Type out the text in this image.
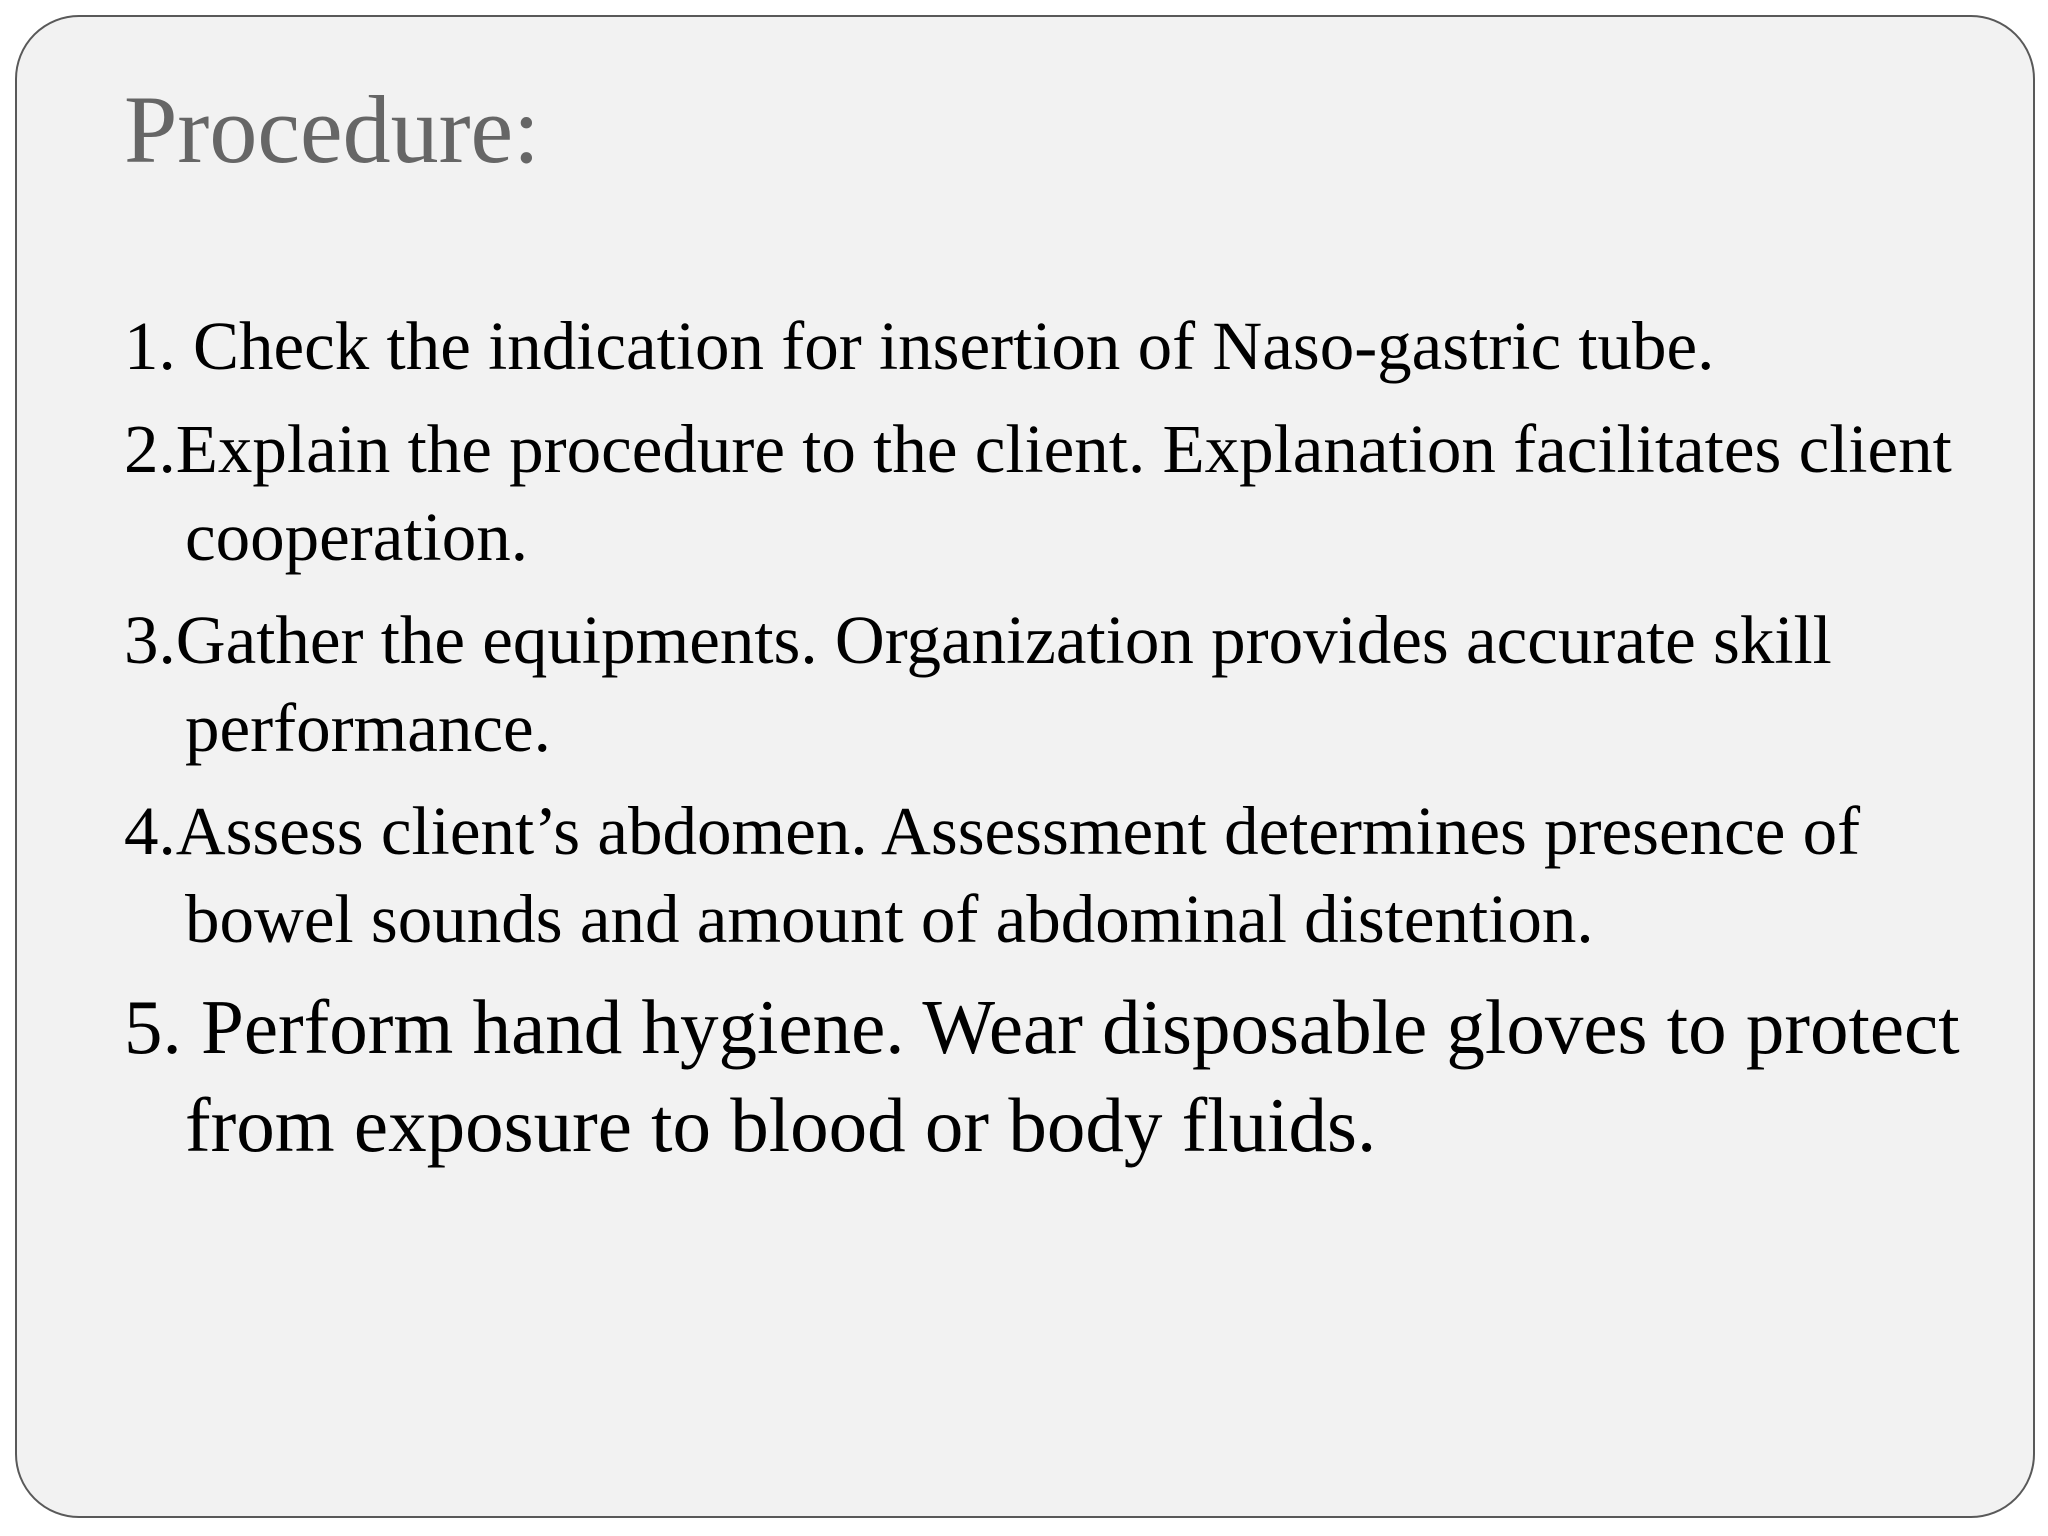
Procedure:
1. Check the indication for insertion of Naso-gastric tube.
2.Explain the procedure to the client. Explanation facilitates client cooperation.
3.Gather the equipments. Organization provides accurate skill performance.
4.Assess client’s abdomen. Assessment determines presence of bowel sounds and amount of abdominal distention.
5. Perform hand hygiene. Wear disposable gloves to protect from exposure to blood or body fluids.
